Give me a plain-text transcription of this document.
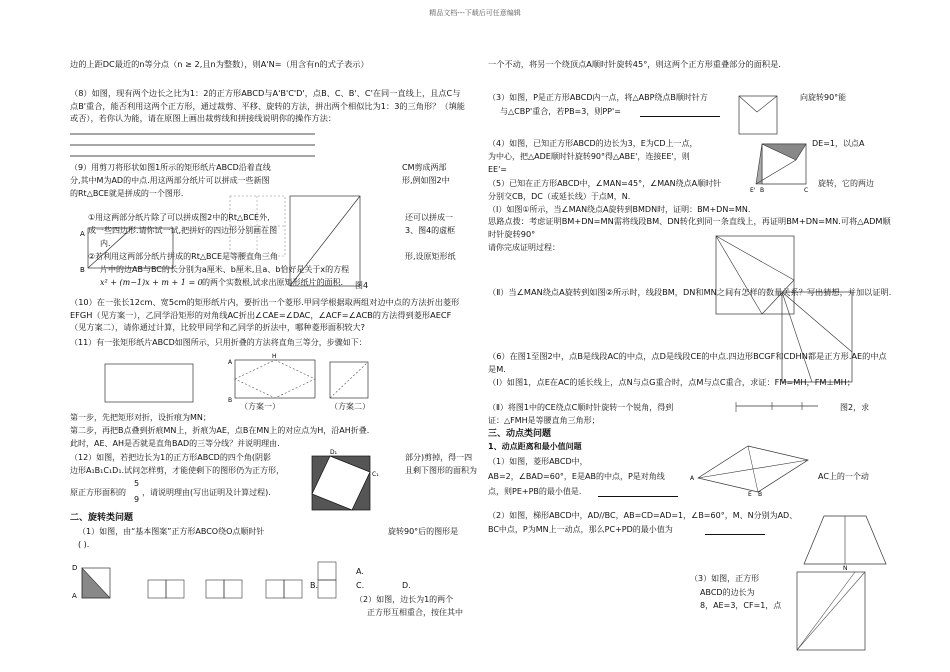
精品文档---下载后可任意编辑

边的上距DC最近的n等分点（n ≥ 2,且n为整数），则A'N=（用含有n的式子表示）

（8）如图，现有两个边长之比为1：2的正方形ABCD与A'B'C'D'，点B、C、B'、C'在同一直线上，且点C与点B'重合，能否利用这两个正方形，通过裁剪、平移、旋转的方法，拼出两个相似比为1：3的三角形？（填能或否），若你认为能，请在原图上画出裁剪线和拼接线说明你的操作方法：

（9）用剪刀将形状如图1所示的矩形纸片ABCD沿着直线
分,其中M为AD的中点.用这两部分纸片可以拼成一些新图
的Rt△BCE就是拼成的一个图形.
CM剪成两部
形,例如图2中
A
B
①用这两部分纸片除了可以拼成图2中的Rt△BCE外,
成一些四边形.请你试一试,把拼好的四边形分别画在图
内.
还可以拼成一
3、图4的虚框
②若利用这两部分纸片拼成的Rt△BCE是等腰直角三角
片中的边AB与BC的长分别为a厘米、b厘米,且a、b恰好是关于x的方程
x² + (m−1)x + m + 1 = 0 的两个实数根,试求出原矩形纸片的面积.
形,设原矩形纸
图4

（10）在一张长12cm、宽5cm的矩形纸片内，要折出一个菱形.甲同学根据取两组对边中点的方法折出菱形EFGH（见方案一），乙同学沿矩形的对角线AC折出∠CAE=∠DAC，∠ACF=∠ACB的方法得到菱形AECF（见方案二），请你通过计算，比较甲同学和乙同学的折法中，哪种菱形面积较大?

（11）有一张矩形纸片ABCD如图所示，只用折叠的方法将直角三等分，步骤如下：
A
H
B
（方案一）	（方案二）
第一步，先把矩形对折，设折痕为MN；
第二步，再把B点叠到折痕MN上，折痕为AE，点B在MN上的对应点为H，沿AH折叠.
此时，AE、AH是否就是直角BAD的三等分线？并说明理由.
（12）如图，若把边长为1的正方形ABCD的四个角(阴影	部分)剪掉，得一四
边形A₁B₁C₁D₁.试问怎样剪，才能使剩下的图形仍为正方形，	且剩下图形的面积为
原正方形面积的
5
9
，请说明理由(写出证明及计算过程).
D₁
C₁
二、旋转类问题
（1）如图，由“基本图案”正方形ABCO绕O点顺时针	旋转90°后的图形是
( ).
A
D	A.
B.	C.	D.
（2）如图，边长为1的两个
正方形互相重合，按住其中

一个不动，将另一个绕顶点A顺时针旋转45°，则这两个正方形重叠部分的面积是.

（3）如图，P是正方形ABCD内一点，将△ABP绕点B顺时针方	向旋转90°能
与△CBP'重合，若PB=3，则PP'=
（4）如图，已知正方形ABCD的边长为3，E为CD上一点，	DE=1，以点A
为中心，把△ADE顺时针旋转90°得△ABE'，连接EE'，则
EE'=
E' B	C
（5）已知在正方形ABCD中，∠MAN=45°，∠MAN绕点A顺时针	旋转，它的两边
分别交CB，DC（或延长线）于点M，N.
（Ⅰ）如图①所示，当∠MAN绕点A旋转到BMDN时，证明：BM+DN=MN.

思路点拨：考虑证明BM+DN=MN需将线段BM、DN转化到同一条直线上，再证明BM+DN=MN.可将△ADM顺时针旋转90°

请你完成证明过程：

（Ⅱ）当∠MAN绕点A旋转到如图②所示时，线段BM，DN和MN之间有怎样的数量关系？写出猜想，并加以证明.

（6）在图1至图2中，点B是线段AC的中点，点D是线段CE的中点.四边形BCGF和CDHN都是正方形.AE的中点是M.

（Ⅰ）如图1，点E在AC的延长线上，点N与点G重合时，点M与点C重合，求证：FM=MH，FM⊥MH；

（Ⅱ）将图1中的CE绕点C顺时针旋转一个锐角，得到	图2，求
证：△FMH是等腰直角三角形；
三、动点类问题
1、动点距离和最小值问题
（1）如图，菱形ABCD中，
AB=2，∠BAD=60°，E是AB的中点，P是对角线	AC上的一个动
点，则PE+PB的最小值是.
A
E B
（2）如图，梯形ABCD中，AD//BC，AB=CD=AD=1，∠B=60°，M、N分别为AD、
BC中点，P为MN上一动点，那么PC+PD的最小值为
N
（3）如图，正方形
ABCD的边长为
8，AE=3，CF=1，点
